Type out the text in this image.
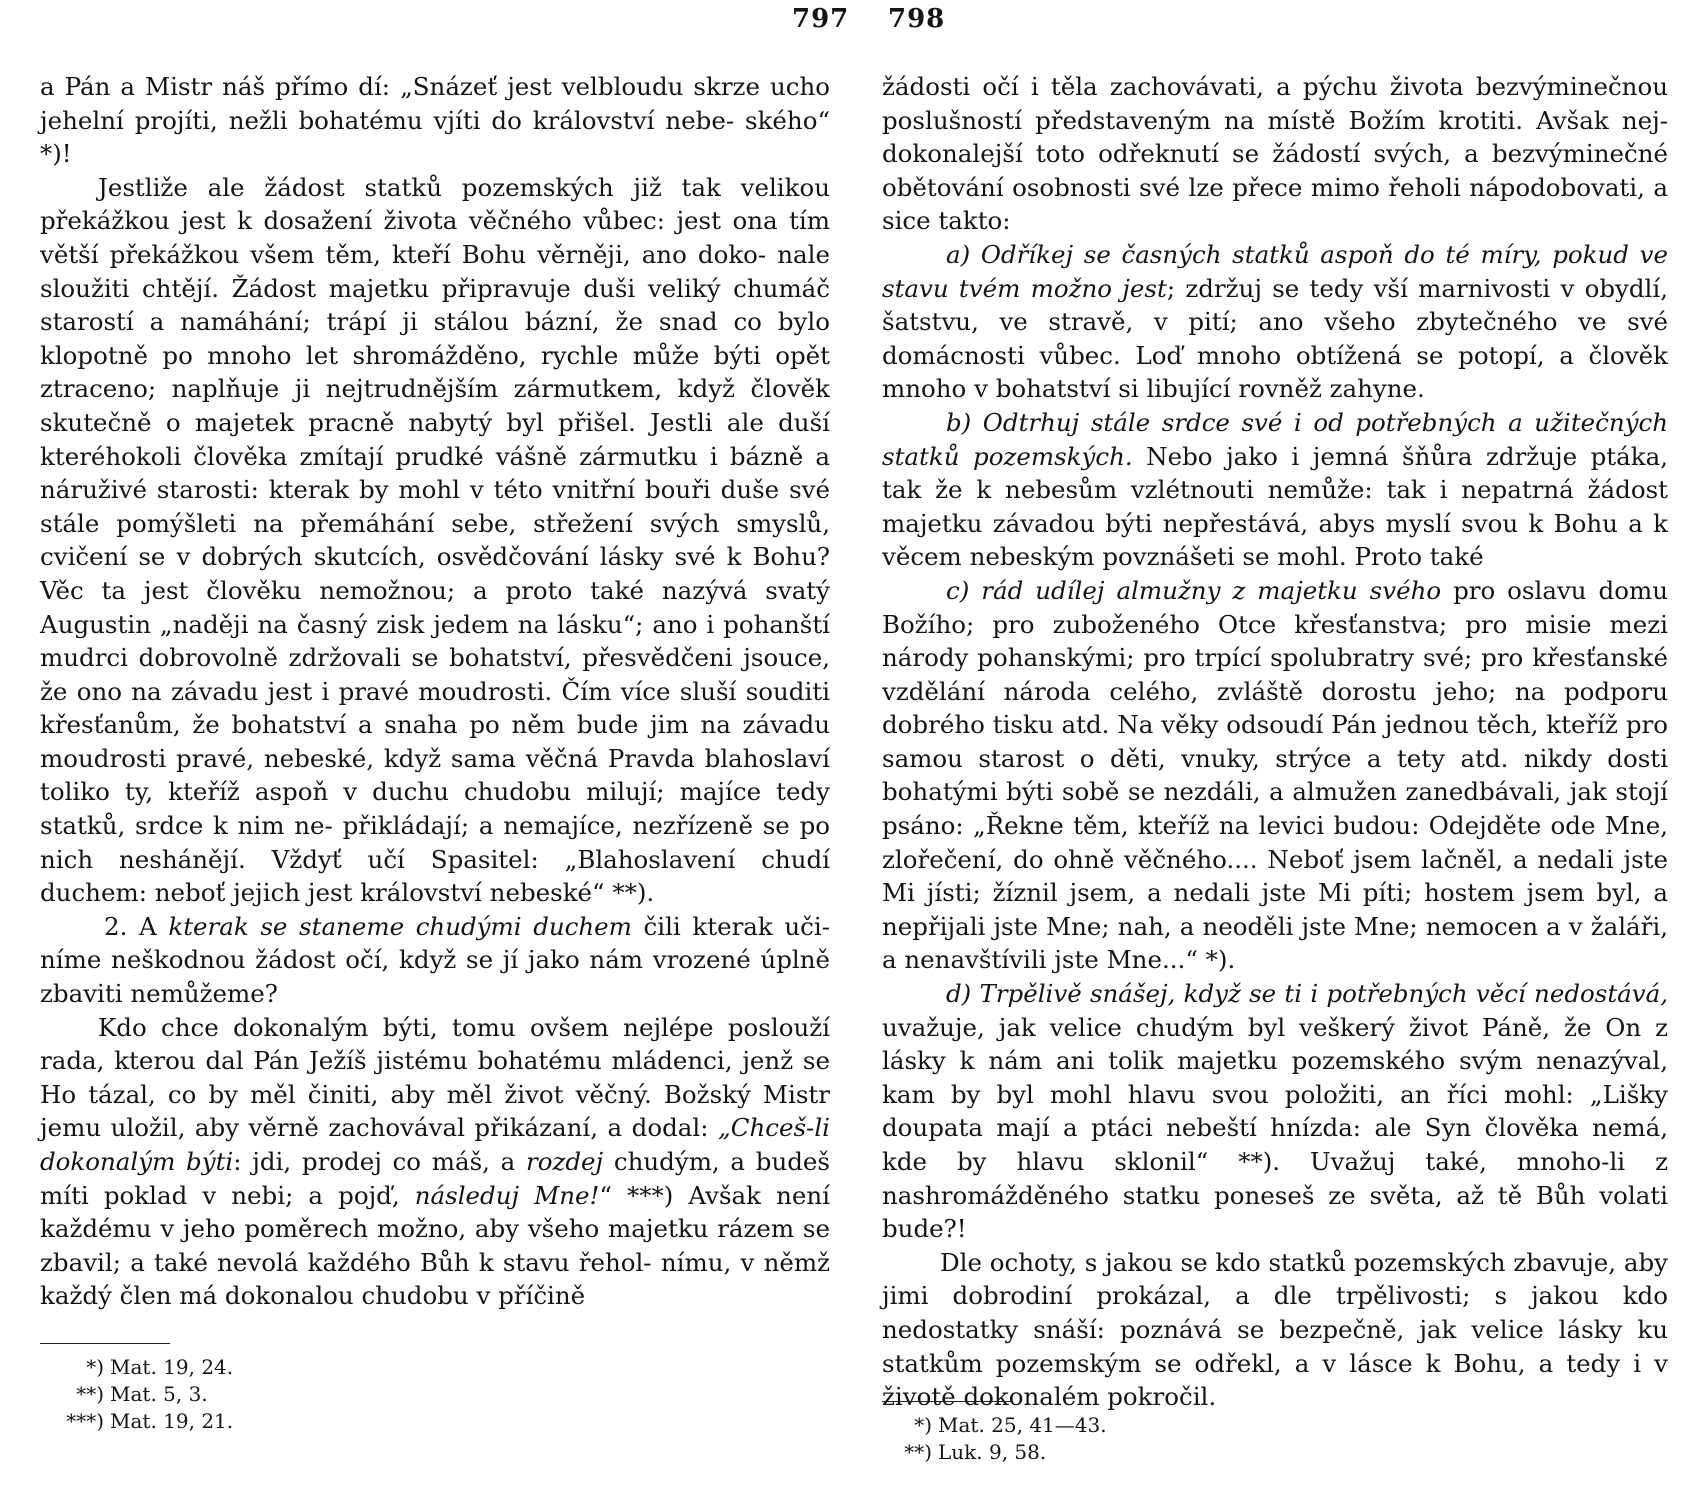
797 798

a Pán a Mistr náš přímo dí: „Snázeť jest velbloudu skrze ucho jehelní projíti, nežli bohatému vjíti do království nebe- ského“ *)!

Jestliže ale žádost statků pozemských již tak velikou překážkou jest k dosažení života věčného vůbec: jest ona tím větší překážkou všem těm, kteří Bohu věrněji, ano doko- nale sloužiti chtějí. Žádost majetku připravuje duši veliký chumáč starostí a namáhání; trápí ji stálou bázní, že snad co bylo klopotně po mnoho let shromážděno, rychle může býti opět ztraceno; naplňuje ji nejtrudnějším zármutkem, když člověk skutečně o majetek pracně nabytý byl přišel. Jestli ale duší kteréhokoli člověka zmítají prudké vášně zármutku i bázně a náruživé starosti: kterak by mohl v této vnitřní bouři duše své stále pomýšleti na přemáhání sebe, střežení svých smyslů, cvičení se v dobrých skutcích, osvědčování lásky své k Bohu? Věc ta jest člověku nemožnou; a proto také nazývá svatý Augustin „naději na časný zisk jedem na lásku“; ano i pohanští mudrci dobrovolně zdržovali se bohatství, přesvědčeni jsouce, že ono na závadu jest i pravé moudrosti. Čím více sluší souditi křesťanům, že bohatství a snaha po něm bude jim na závadu moudrosti pravé, nebeské, když sama věčná Pravda blahoslaví toliko ty, kteříž aspoň v duchu chudobu milují; majíce tedy statků, srdce k nim ne- přikládají; a nemajíce, nezřízeně se po nich neshánějí. Vždyť učí Spasitel: „Blahoslavení chudí duchem: neboť jejich jest království nebeské“ **).

2. A kterak se staneme chudými duchem čili kterak uči- níme neškodnou žádost očí, když se jí jako nám vrozené úplně zbaviti nemůžeme?

Kdo chce dokonalým býti, tomu ovšem nejlépe poslouží rada, kterou dal Pán Ježíš jistému bohatému mládenci, jenž se Ho tázal, co by měl činiti, aby měl život věčný. Božský Mistr jemu uložil, aby věrně zachovával přikázaní, a dodal: „Chceš-li dokonalým býti: jdi, prodej co máš, a rozdej chudým, a budeš míti poklad v nebi; a pojď, následuj Mne!“ ***) Avšak není každému v jeho poměrech možno, aby všeho majetku rázem se zbavil; a také nevolá každého Bůh k stavu řehol- nímu, v němž každý člen má dokonalou chudobu v příčině

*) Mat. 19, 24.
**) Mat. 5, 3.
***) Mat. 19, 21.

žádosti očí i těla zachovávati, a pýchu života bezvýminečnou poslušností představeným na místě Božím krotiti. Avšak nej- dokonalejší toto odřeknutí se žádostí svých, a bezvýminečné obětování osobnosti své lze přece mimo řeholi nápodobovati, a sice takto:

a) Odříkej se časných statků aspoň do té míry, pokud ve stavu tvém možno jest; zdržuj se tedy vší marnivosti v obydlí, šatstvu, ve stravě, v pití; ano všeho zbytečného ve své domácnosti vůbec. Loď mnoho obtížená se potopí, a člověk mnoho v bohatství si libující rovněž zahyne.

b) Odtrhuj stále srdce své i od potřebných a užitečných statků pozemských. Nebo jako i jemná šňůra zdržuje ptáka, tak že k nebesům vzlétnouti nemůže: tak i nepatrná žádost majetku závadou býti nepřestává, abys myslí svou k Bohu a k věcem nebeským povznášeti se mohl. Proto také

c) rád udílej almužny z majetku svého pro oslavu domu Božího; pro zuboženého Otce křesťanstva; pro misie mezi národy pohanskými; pro trpící spolubratry své; pro křesťanské vzdělání národa celého, zvláště dorostu jeho; na podporu dobrého tisku atd. Na věky odsoudí Pán jednou těch, kteříž pro samou starost o děti, vnuky, strýce a tety atd. nikdy dosti bohatými býti sobě se nezdáli, a almužen zanedbávali, jak stojí psáno: „Řekne těm, kteříž na levici budou: Odejděte ode Mne, zlořečení, do ohně věčného.... Neboť jsem lačněl, a nedali jste Mi jísti; žíznil jsem, a nedali jste Mi píti; hostem jsem byl, a nepřijali jste Mne; nah, a neoděli jste Mne; nemocen a v žaláři, a nenavštívili jste Mne...“ *).

d) Trpělivě snášej, když se ti i potřebných věcí nedostává, uvažuje, jak velice chudým byl veškerý život Páně, že On z lásky k nám ani tolik majetku pozemského svým nenazýval, kam by byl mohl hlavu svou položiti, an říci mohl: „Lišky doupata mají a ptáci nebeští hnízda: ale Syn člověka nemá, kde by hlavu sklonil“ **). Uvažuj také, mnoho-li z nashromážděného statku poneseš ze světa, až tě Bůh volati bude?!

Dle ochoty, s jakou se kdo statků pozemských zbavuje, aby jimi dobrodiní prokázal, a dle trpělivosti; s jakou kdo nedostatky snáší: poznává se bezpečně, jak velice lásky ku statkům pozemským se odřekl, a v lásce k Bohu, a tedy i v životě dokonalém pokročil.

*) Mat. 25, 41—43.
**) Luk. 9, 58.
